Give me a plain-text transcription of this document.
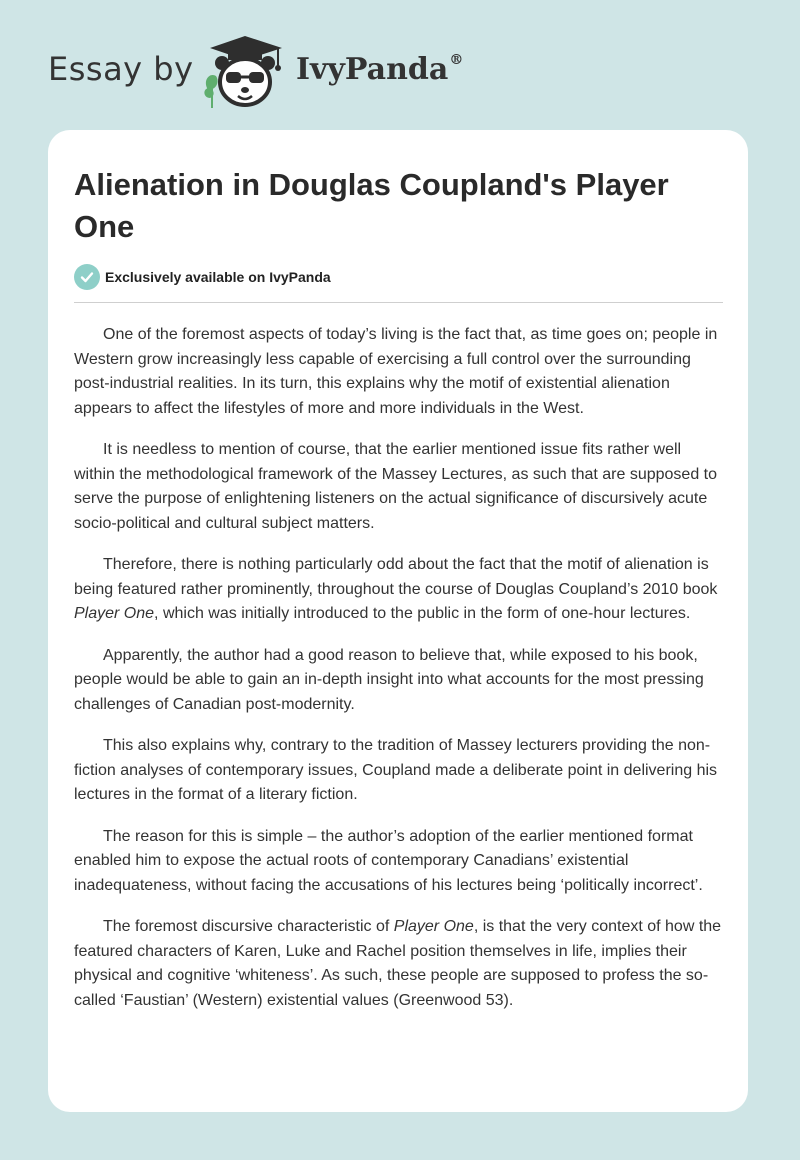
Essay by	IvyPanda®
Alienation in Douglas Coupland's Player One
Exclusively available on IvyPanda

One of the foremost aspects of today’s living is the fact that, as time goes on; people in Western grow increasingly less capable of exercising a full control over the surrounding post-industrial realities. In its turn, this explains why the motif of existential alienation appears to affect the lifestyles of more and more individuals in the West.

It is needless to mention of course, that the earlier mentioned issue fits rather well within the methodological framework of the Massey Lectures, as such that are supposed to serve the purpose of enlightening listeners on the actual significance of discursively acute socio-political and cultural subject matters.

Therefore, there is nothing particularly odd about the fact that the motif of alienation is being featured rather prominently, throughout the course of Douglas Coupland’s 2010 book Player One, which was initially introduced to the public in the form of one-hour lectures.

Apparently, the author had a good reason to believe that, while exposed to his book, people would be able to gain an in-depth insight into what accounts for the most pressing challenges of Canadian post-modernity.

This also explains why, contrary to the tradition of Massey lecturers providing the non-fiction analyses of contemporary issues, Coupland made a deliberate point in delivering his lectures in the format of a literary fiction.

The reason for this is simple – the author’s adoption of the earlier mentioned format enabled him to expose the actual roots of contemporary Canadians’ existential inadequateness, without facing the accusations of his lectures being ‘politically incorrect’.

The foremost discursive characteristic of Player One, is that the very context of how the featured characters of Karen, Luke and Rachel position themselves in life, implies their physical and cognitive ‘whiteness’. As such, these people are supposed to profess the so-called ‘Faustian’ (Western) existential values (Greenwood 53).
